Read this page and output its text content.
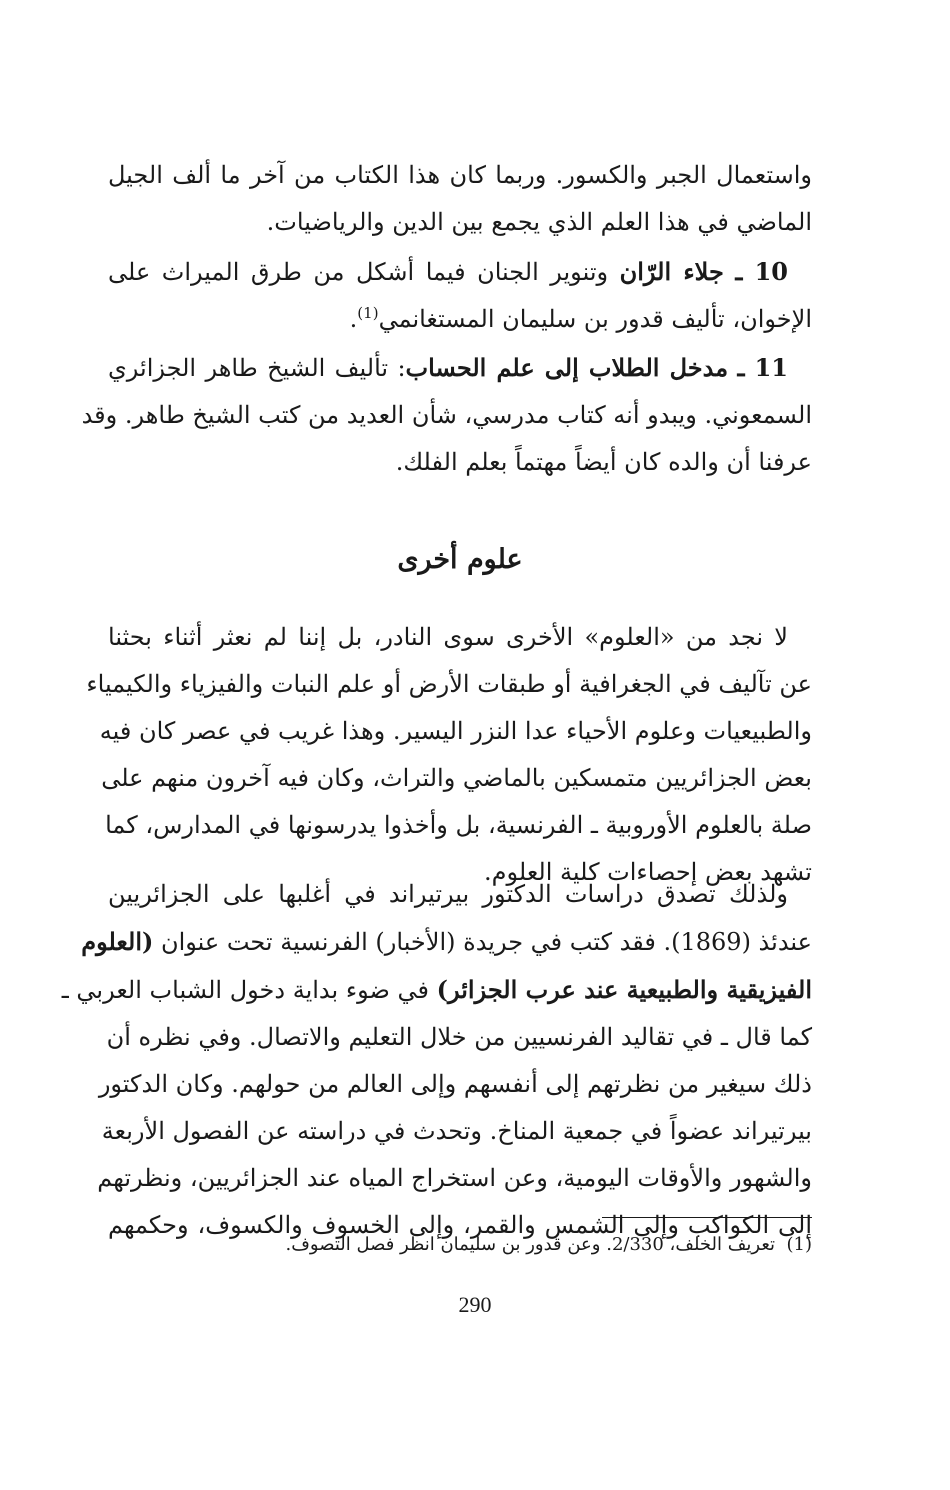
واستعمال الجبر والكسور. وربما كان هذا الكتاب من آخر ما ألف الجيل
الماضي في هذا العلم الذي يجمع بين الدين والرياضيات.
 10 ـ جلاء الرّان وتنوير الجنان فيما أشكل من طرق الميراث على
الإخوان، تأليف قدور بن سليمان المستغانمي$^{(1)}$.
 11 ـ مدخل الطلاب إلى علم الحساب: تأليف الشيخ طاهر الجزائري
السمعوني. ويبدو أنه كتاب مدرسي، شأن العديد من كتب الشيخ طاهر. وقد
عرفنا أن والده كان أيضاً مهتماً بعلم الفلك.
علوم أخرى
 لا نجد من «العلوم» الأخرى سوى النادر، بل إننا لم نعثر أثناء بحثنا
عن تآليف في الجغرافية أو طبقات الأرض أو علم النبات والفيزياء والكيمياء
والطبيعيات وعلوم الأحياء عدا النزر اليسير. وهذا غريب في عصر كان فيه
بعض الجزائريين متمسكين بالماضي والتراث، وكان فيه آخرون منهم على
صلة بالعلوم الأوروبية ـ الفرنسية، بل وأخذوا يدرسونها في المدارس، كما
تشهد بعض إحصاءات كلية العلوم.
 ولذلك تصدق دراسات الدكتور بيرتيراند في أغلبها على الجزائريين
عندئذ (1869). فقد كتب في جريدة (الأخبار) الفرنسية تحت عنوان (العلوم
الفيزيقية والطبيعية عند عرب الجزائر) في ضوء بداية دخول الشباب العربي ـ
كما قال ـ في تقاليد الفرنسيين من خلال التعليم والاتصال. وفي نظره أن
ذلك سيغير من نظرتهم إلى أنفسهم وإلى العالم من حولهم. وكان الدكتور
بيرتيراند عضواً في جمعية المناخ. وتحدث في دراسته عن الفصول الأربعة
والشهور والأوقات اليومية، وعن استخراج المياه عند الجزائريين، ونظرتهم
إلى الكواكب وإلى الشمس والقمر، وإلى الخسوف والكسوف، وحكمهم
(1)  تعريف الخلف، 2/330. وعن قدور بن سليمان انظر فصل التصوف.
290
